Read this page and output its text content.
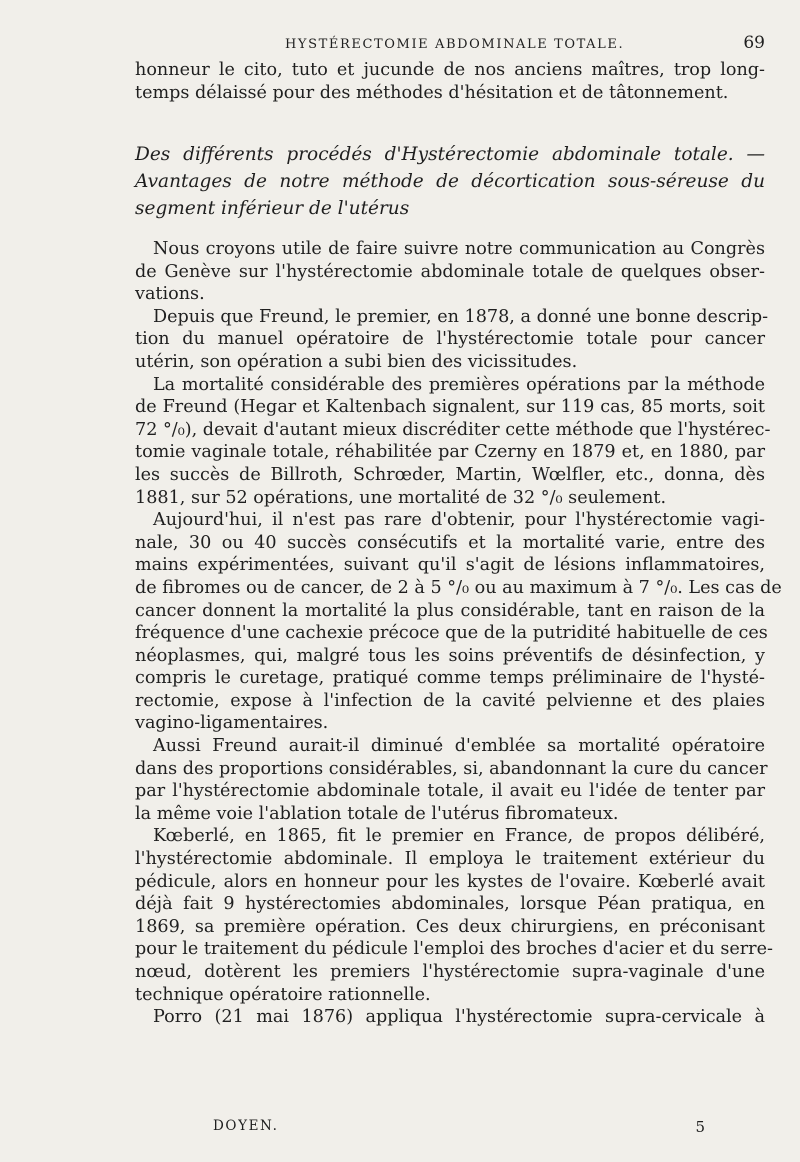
HYSTÉRECTOMIE ABDOMINALE TOTALE.	69
honneur le cito, tuto et jucunde de nos anciens maîtres, trop long-
temps délaissé pour des méthodes d'hésitation et de tâtonnement.
Des différents procédés d'Hystérectomie abdominale totale. —
Avantages de notre méthode de décortication sous-séreuse du
segment inférieur de l'utérus
Nous croyons utile de faire suivre notre communication au Congrès
de Genève sur l'hystérectomie abdominale totale de quelques obser-
vations.
Depuis que Freund, le premier, en 1878, a donné une bonne descrip-
tion du manuel opératoire de l'hystérectomie totale pour cancer
utérin, son opération a subi bien des vicissitudes.
La mortalité considérable des premières opérations par la méthode
de Freund (Hegar et Kaltenbach signalent, sur 119 cas, 85 morts, soit
72 °/₀), devait d'autant mieux discréditer cette méthode que l'hystérec-
tomie vaginale totale, réhabilitée par Czerny en 1879 et, en 1880, par
les succès de Billroth, Schrœder, Martin, Wœlfler, etc., donna, dès
1881, sur 52 opérations, une mortalité de 32 °/₀ seulement.
Aujourd'hui, il n'est pas rare d'obtenir, pour l'hystérectomie vagi-
nale, 30 ou 40 succès consécutifs et la mortalité varie, entre des
mains expérimentées, suivant qu'il s'agit de lésions inflammatoires,
de fibromes ou de cancer, de 2 à 5 °/₀ ou au maximum à 7 °/₀. Les cas de
cancer donnent la mortalité la plus considérable, tant en raison de la
fréquence d'une cachexie précoce que de la putridité habituelle de ces
néoplasmes, qui, malgré tous les soins préventifs de désinfection, y
compris le curetage, pratiqué comme temps préliminaire de l'hysté-
rectomie, expose à l'infection de la cavité pelvienne et des plaies
vagino-ligamentaires.
Aussi Freund aurait-il diminué d'emblée sa mortalité opératoire
dans des proportions considérables, si, abandonnant la cure du cancer
par l'hystérectomie abdominale totale, il avait eu l'idée de tenter par
la même voie l'ablation totale de l'utérus fibromateux.
Kœberlé, en 1865, fit le premier en France, de propos délibéré,
l'hystérectomie abdominale. Il employa le traitement extérieur du
pédicule, alors en honneur pour les kystes de l'ovaire. Kœberlé avait
déjà fait 9 hystérectomies abdominales, lorsque Péan pratiqua, en
1869, sa première opération. Ces deux chirurgiens, en préconisant
pour le traitement du pédicule l'emploi des broches d'acier et du serre-
nœud, dotèrent les premiers l'hystérectomie supra-vaginale d'une
technique opératoire rationnelle.
Porro (21 mai 1876) appliqua l'hystérectomie supra-cervicale à
DOYEN.	5
